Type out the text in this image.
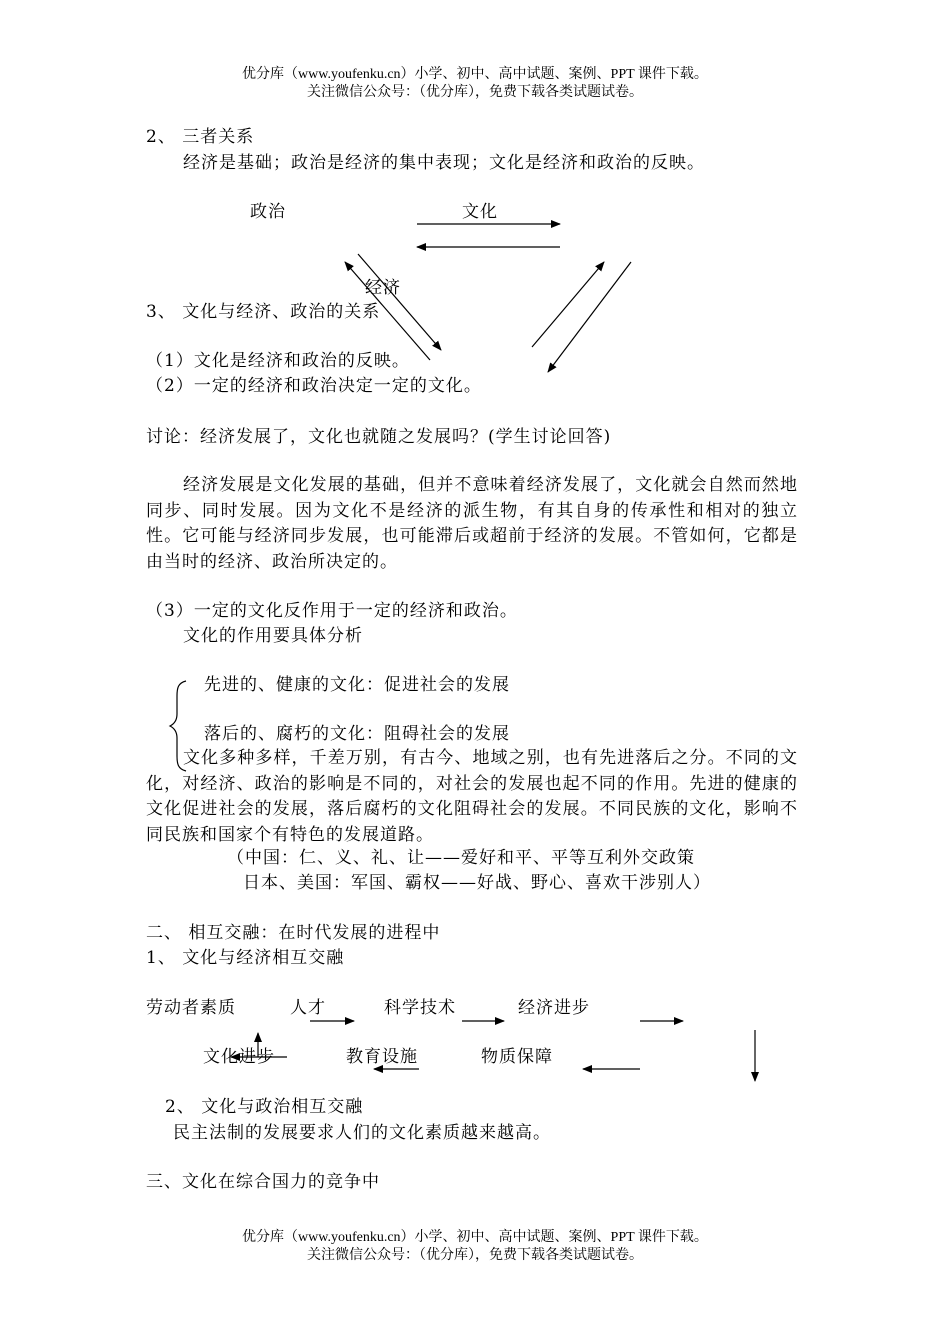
优分库（www.youfenku.cn）小学、初中、高中试题、案例、PPT 课件下载。
关注微信公众号：（优分库），免费下载各类试题试卷。
2、 三者关系
经济是基础；政治是经济的集中表现；文化是经济和政治的反映。
政治	文化
经济
3、 文化与经济、政治的关系
（1）文化是经济和政治的反映。
（2）一定的经济和政治决定一定的文化。
讨论：经济发展了，文化也就随之发展吗？(学生讨论回答)
经济发展是文化发展的基础，但并不意味着经济发展了，文化就会自然而然地同步、同时发展。因为文化不是经济的派生物，有其自身的传承性和相对的独立性。它可能与经济同步发展，也可能滞后或超前于经济的发展。不管如何，它都是由当时的经济、政治所决定的。
（3）一定的文化反作用于一定的经济和政治。
文化的作用要具体分析
先进的、健康的文化：促进社会的发展
落后的、腐朽的文化：阻碍社会的发展
文化多种多样，千差万别，有古今、地域之别，也有先进落后之分。不同的文化，对经济、政治的影响是不同的，对社会的发展也起不同的作用。先进的健康的文化促进社会的发展，落后腐朽的文化阻碍社会的发展。不同民族的文化，影响不同民族和国家个有特色的发展道路。
（中国：仁、义、礼、让——爱好和平、平等互利外交政策
日本、美国：军国、霸权——好战、野心、喜欢干涉别人）
二、 相互交融：在时代发展的进程中
1、 文化与经济相互交融
劳动者素质	人才	科学技术	经济进步
文化进步	教育设施	物质保障
2、 文化与政治相互交融
民主法制的发展要求人们的文化素质越来越高。
三、文化在综合国力的竞争中
优分库（www.youfenku.cn）小学、初中、高中试题、案例、PPT 课件下载。
关注微信公众号：（优分库），免费下载各类试题试卷。
